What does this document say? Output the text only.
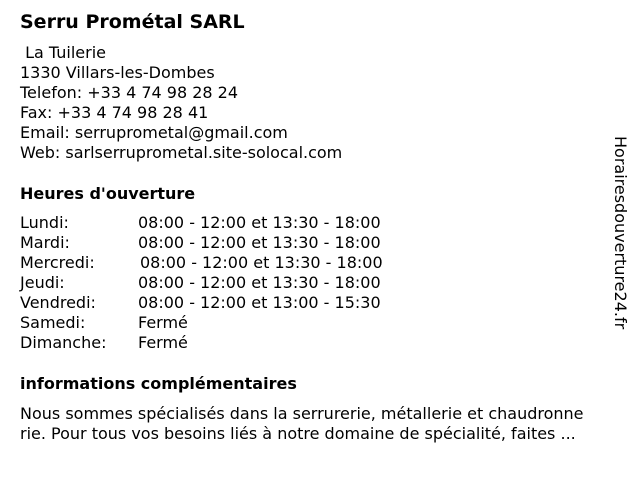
Serru Prométal SARL
La Tuilerie
1330 Villars-les-Dombes
Telefon: +33 4 74 98 28 24
Fax: +33 4 74 98 28 41
Email: serruprometal@gmail.com
Web: sarlserruprometal.site-solocal.com
Heures d'ouverture
Lundi:	08:00 - 12:00 et 13:30 - 18:00
Mardi:	08:00 - 12:00 et 13:30 - 18:00
Mercredi:	08:00 - 12:00 et 13:30 - 18:00
Jeudi:	08:00 - 12:00 et 13:30 - 18:00
Vendredi:	08:00 - 12:00 et 13:00 - 15:30
Samedi:	Fermé
Dimanche: Fermé
informations complémentaires
Nous sommes spécialisés dans la serrurerie, métallerie et chaudronne
rie. Pour tous vos besoins liés à notre domaine de spécialité, faites ...
Horairesdouverture24.fr
